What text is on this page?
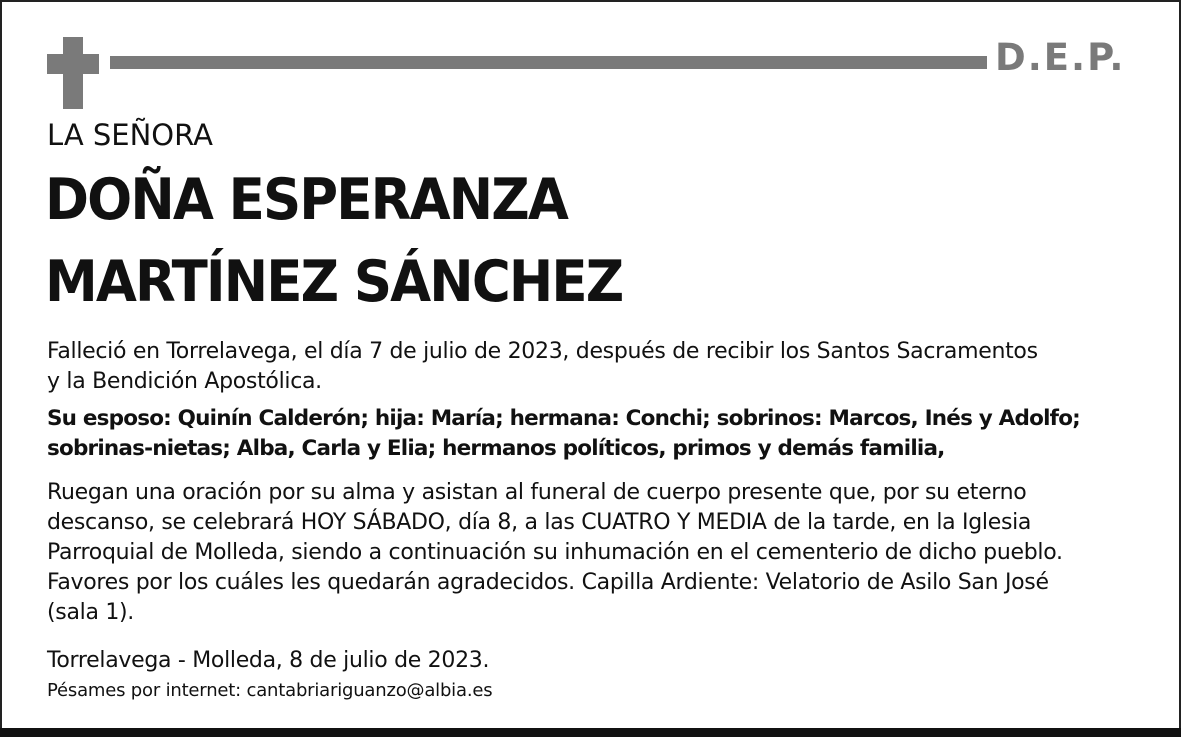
D.E.P.
LA SEÑORA
DOÑA ESPERANZA
MARTÍNEZ SÁNCHEZ

Falleció en Torrelavega, el día 7 de julio de 2023, después de recibir los Santos Sacramentos
y la Bendición Apostólica.

Su esposo: Quinín Calderón; hija: María; hermana: Conchi; sobrinos: Marcos, Inés y Adolfo;
sobrinas-nietas; Alba, Carla y Elia; hermanos políticos, primos y demás familia,

Ruegan una oración por su alma y asistan al funeral de cuerpo presente que, por su eterno
descanso, se celebrará HOY SÁBADO, día 8, a las CUATRO Y MEDIA de la tarde, en la Iglesia
Parroquial de Molleda, siendo a continuación su inhumación en el cementerio de dicho pueblo.
Favores por los cuáles les quedarán agradecidos. Capilla Ardiente: Velatorio de Asilo San José
(sala 1).

Torrelavega - Molleda, 8 de julio de 2023.

Pésames por internet: cantabriariguanzo@albia.es
